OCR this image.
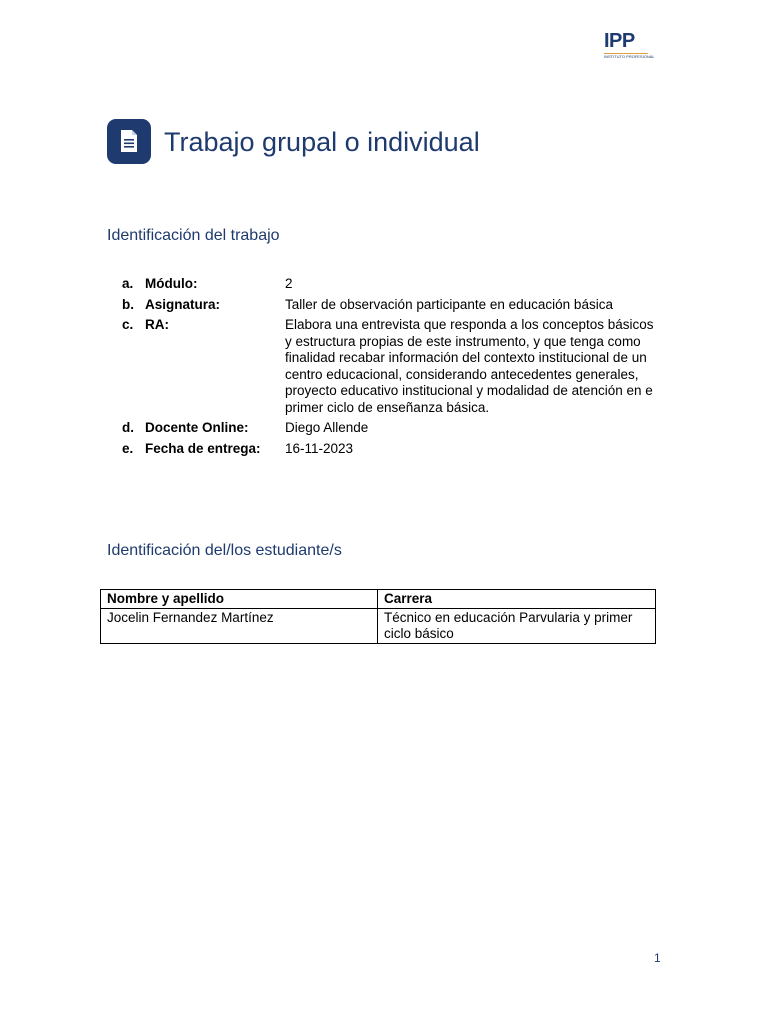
IPP
INSTITUTO PROFESIONAL
Trabajo grupal o individual
Identificación del trabajo
a. Módulo:	2
b. Asignatura:	Taller de observación participante en educación básica
c. RA:	Elabora una entrevista que responda a los conceptos básicos y estructura propias de este instrumento, y que tenga como finalidad recabar información del contexto institucional de un centro educacional, considerando antecedentes generales, proyecto educativo institucional y modalidad de atención en e primer ciclo de enseñanza básica.
d. Docente Online:	Diego Allende
e. Fecha de entrega:	16-11-2023
Identificación del/los estudiante/s
Nombre y apellido	Carrera
Jocelin Fernandez Martínez	Técnico en educación Parvularia y primer ciclo básico
1
